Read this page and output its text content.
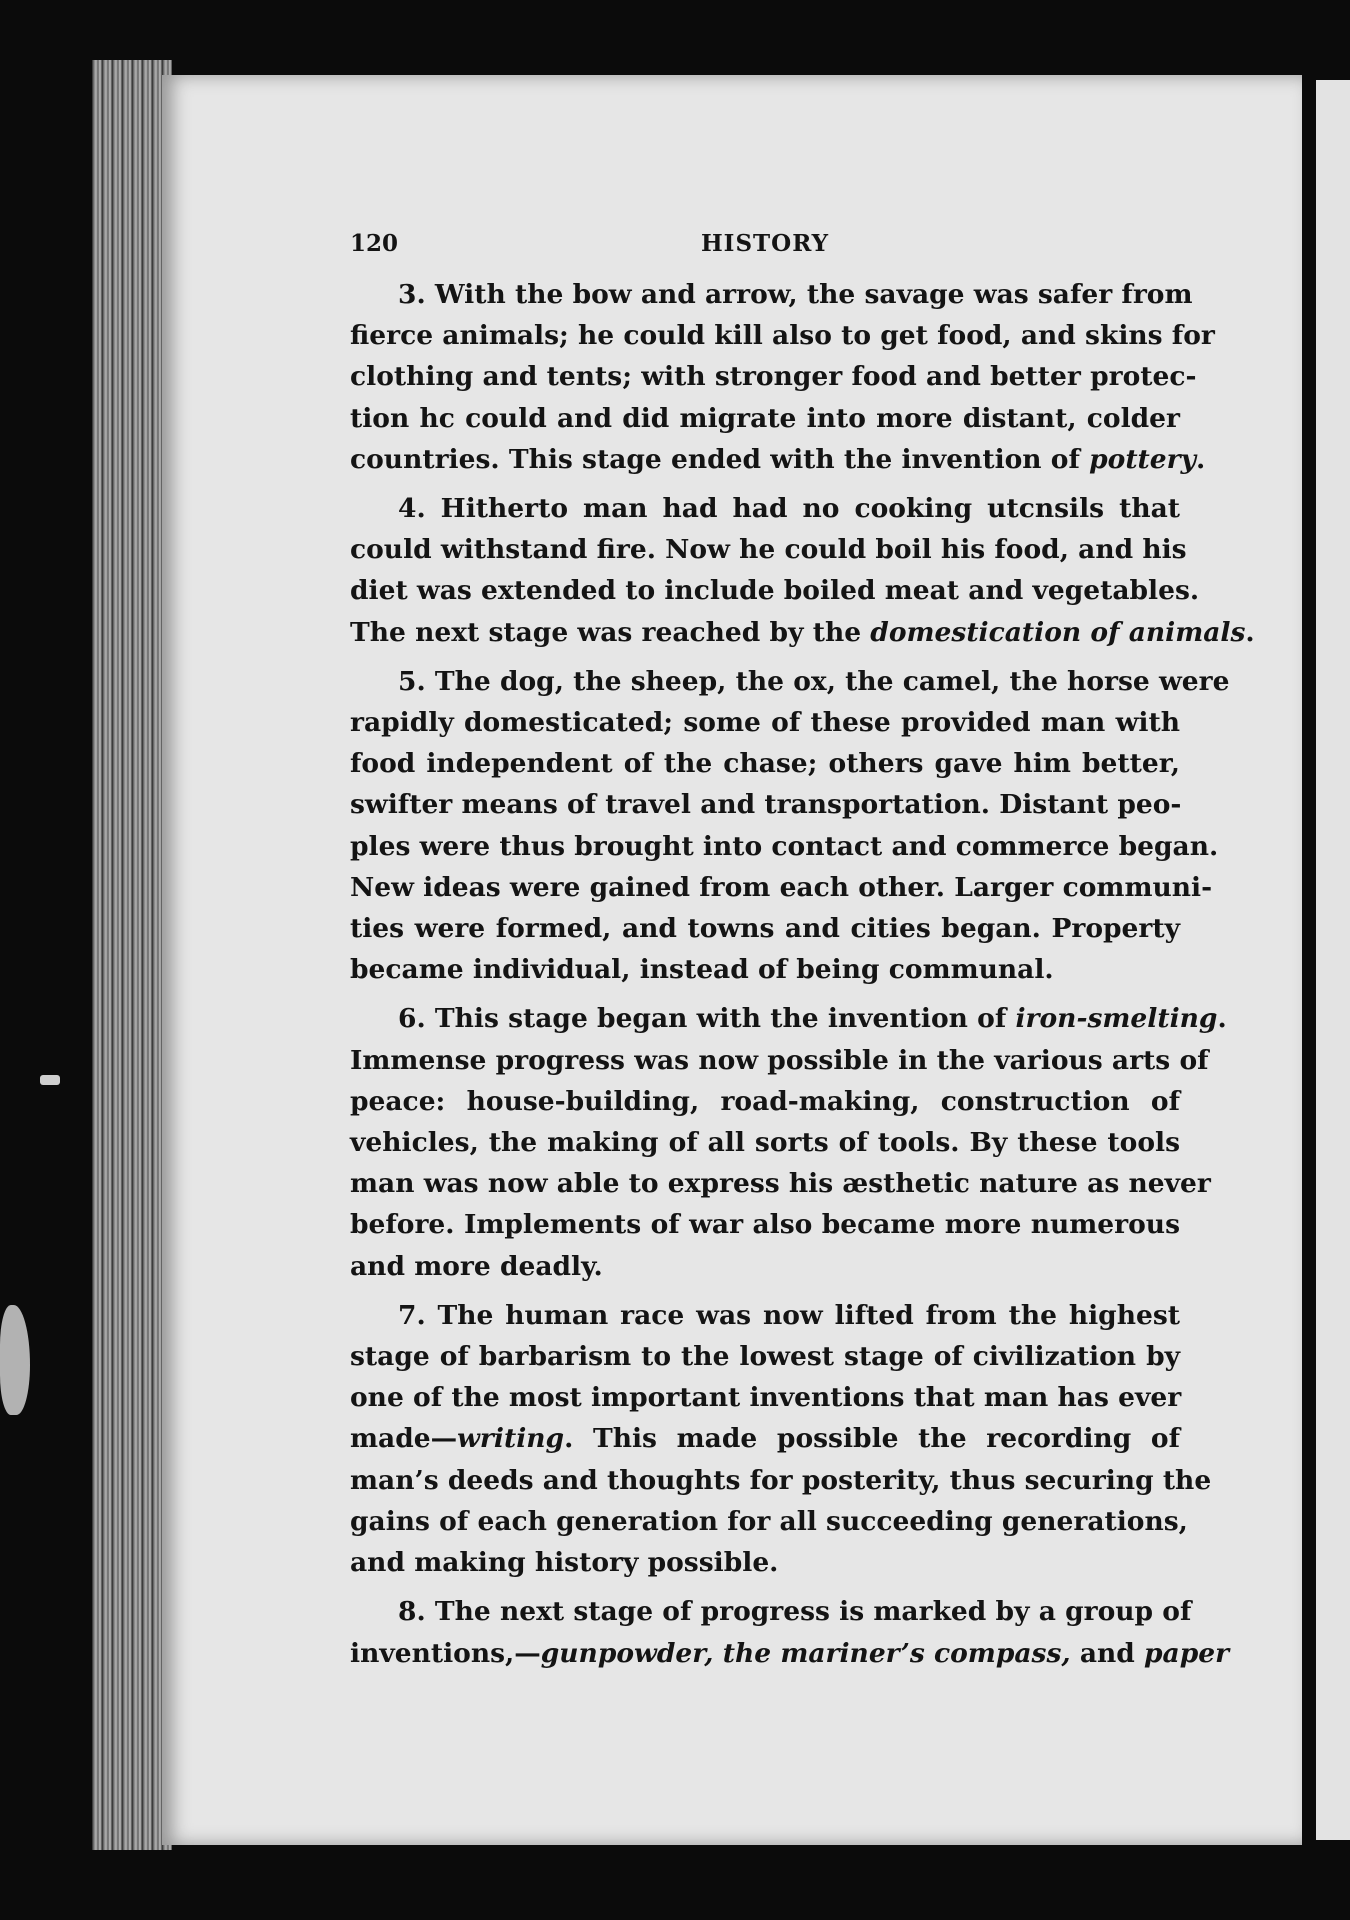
120	HISTORY
3. With the bow and arrow, the savage was safer from
fierce animals; he could kill also to get food, and skins for
clothing and tents; with stronger food and better protec-
tion hc could and did migrate into more distant, colder
countries. This stage ended with the invention of pottery.
4. Hitherto man had had no cooking utcnsils that
could withstand fire. Now he could boil his food, and his
diet was extended to include boiled meat and vegetables.
The next stage was reached by the domestication of animals.
5. The dog, the sheep, the ox, the camel, the horse were
rapidly domesticated; some of these provided man with
food independent of the chase; others gave him better,
swifter means of travel and transportation. Distant peo-
ples were thus brought into contact and commerce began.
New ideas were gained from each other. Larger communi-
ties were formed, and towns and cities began. Property
became individual, instead of being communal.
6. This stage began with the invention of iron-smelting.
Immense progress was now possible in the various arts of
peace: house-building, road-making, construction of
vehicles, the making of all sorts of tools. By these tools
man was now able to express his æsthetic nature as never
before. Implements of war also became more numerous
and more deadly.
7. The human race was now lifted from the highest
stage of barbarism to the lowest stage of civilization by
one of the most important inventions that man has ever
made—writing. This made possible the recording of
man’s deeds and thoughts for posterity, thus securing the
gains of each generation for all succeeding generations,
and making history possible.
8. The next stage of progress is marked by a group of
inventions,—gunpowder, the mariner’s compass, and paper
